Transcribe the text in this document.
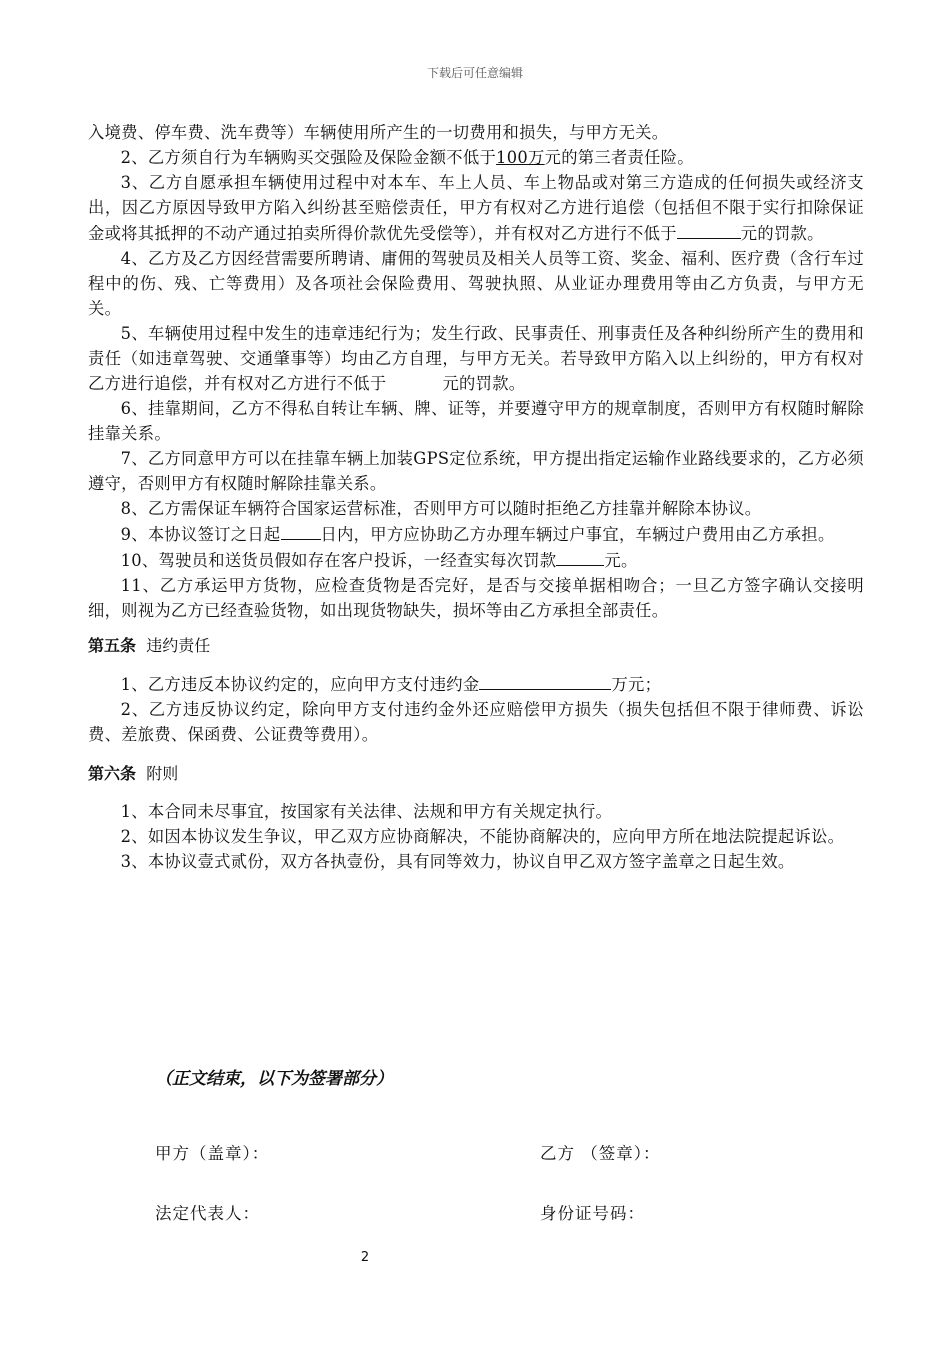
下载后可任意编辑

入境费、停车费、洗车费等）车辆使用所产生的一切费用和损失，与甲方无关。

2、乙方须自行为车辆购买交强险及保险金额不低于100万元的第三者责任险。

3、乙方自愿承担车辆使用过程中对本车、车上人员、车上物品或对第三方造成的任何损失或经济支出，因乙方原因导致甲方陷入纠纷甚至赔偿责任，甲方有权对乙方进行追偿（包括但不限于实行扣除保证金或将其抵押的不动产通过拍卖所得价款优先受偿等），并有权对乙方进行不低于	元的罚款。

4、乙方及乙方因经营需要所聘请、庸佣的驾驶员及相关人员等工资、奖金、福利、医疗费（含行车过程中的伤、残、亡等费用）及各项社会保险费用、驾驶执照、从业证办理费用等由乙方负责，与甲方无关。

5、车辆使用过程中发生的违章违纪行为；发生行政、民事责任、刑事责任及各种纠纷所产生的费用和责任（如违章驾驶、交通肇事等）均由乙方自理，与甲方无关。若导致甲方陷入以上纠纷的，甲方有权对乙方进行追偿，并有权对乙方进行不低于	元的罚款。

6、挂靠期间，乙方不得私自转让车辆、牌、证等，并要遵守甲方的规章制度，否则甲方有权随时解除挂靠关系。

7、乙方同意甲方可以在挂靠车辆上加装GPS定位系统，甲方提出指定运输作业路线要求的，乙方必须遵守，否则甲方有权随时解除挂靠关系。

8、乙方需保证车辆符合国家运营标准，否则甲方可以随时拒绝乙方挂靠并解除本协议。

9、本协议签订之日起 日内，甲方应协助乙方办理车辆过户事宜，车辆过户费用由乙方承担。

10、驾驶员和送货员假如存在客户投诉，一经查实每次罚款	元。

11、乙方承运甲方货物，应检查货物是否完好，是否与交接单据相吻合；一旦乙方签字确认交接明细，则视为乙方已经查验货物，如出现货物缺失，损坏等由乙方承担全部责任。

第五条 违约责任

1、乙方违反本协议约定的，应向甲方支付违约金	万元；

2、乙方违反协议约定，除向甲方支付违约金外还应赔偿甲方损失（损失包括但不限于律师费、诉讼费、差旅费、保函费、公证费等费用）。

第六条 附则

1、本合同未尽事宜，按国家有关法律、法规和甲方有关规定执行。

2、如因本协议发生争议，甲乙双方应协商解决，不能协商解决的，应向甲方所在地法院提起诉讼。

3、本协议壹式贰份，双方各执壹份，具有同等效力，协议自甲乙双方签字盖章之日起生效。

（正文结束，以下为签署部分）
甲方（盖章）：	乙方 （签章）：
法定代表人：	身份证号码：
2
